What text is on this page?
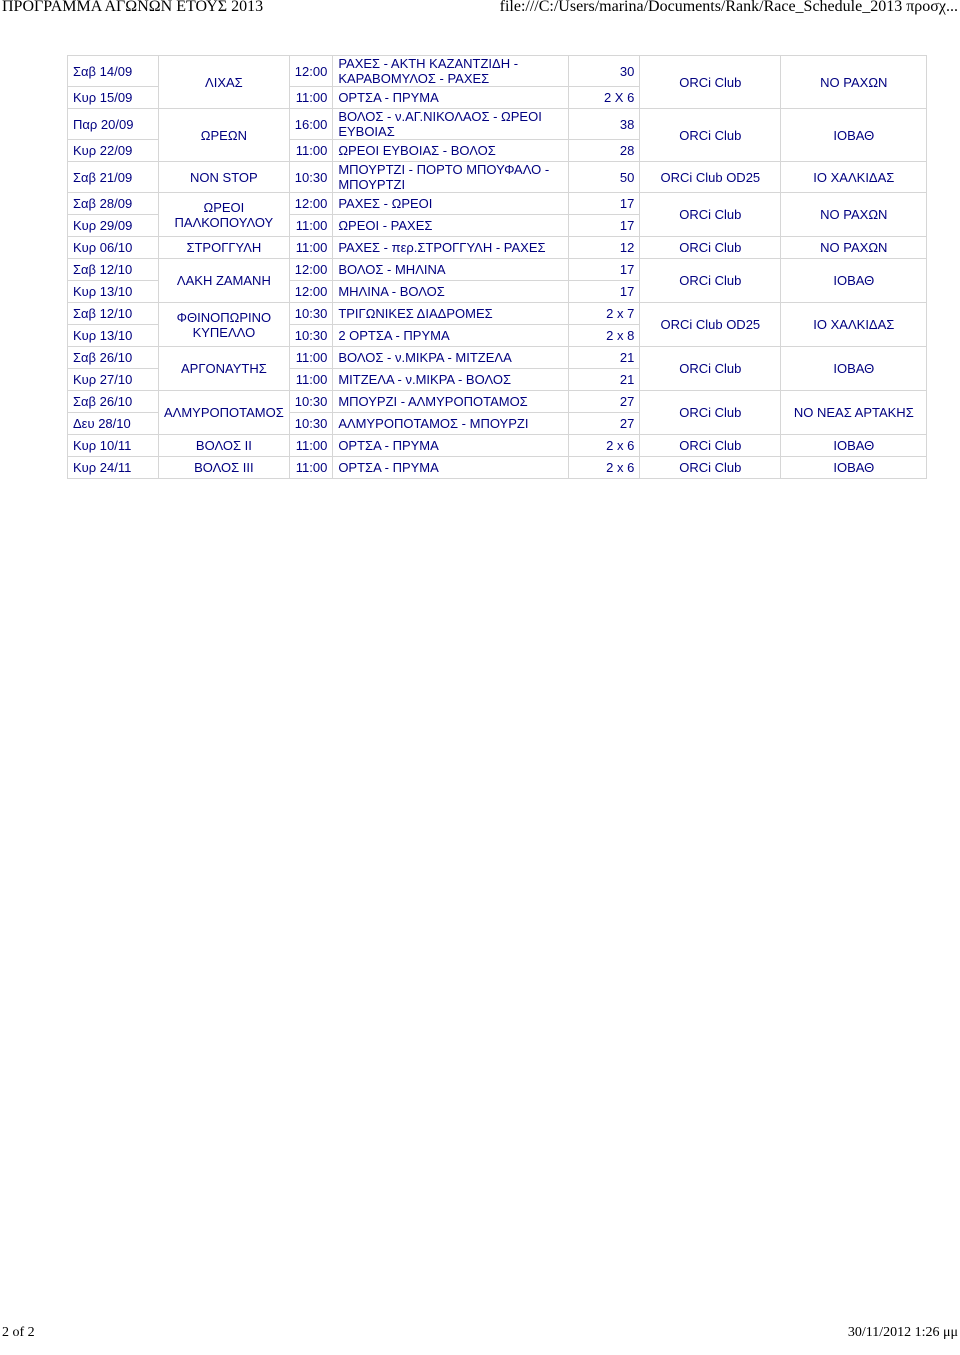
ΠΡΟΓΡΑΜΜΑ ΑΓΩΝΩΝ ΕΤΟΥΣ 2013	file:///C:/Users/marina/Documents/Rank/Race_Schedule_2013 προσχ...
Σαβ 14/09	ΛΙΧΑΣ	12:00	ΡΑΧΕΣ - ΑΚΤΗ ΚΑΖΑΝΤΖΙΔΗ - ΚΑΡΑΒΟΜΥΛΟΣ - ΡΑΧΕΣ	30	ORCi Club	ΝΟ ΡΑΧΩΝ
Κυρ 15/09		11:00	ΟΡΤΣΑ - ΠΡΥΜΑ	2 Χ 6		
Παρ 20/09	ΩΡΕΩΝ	16:00	ΒΟΛΟΣ - ν.ΑΓ.ΝΙΚΟΛΑΟΣ - ΩΡΕΟΙ ΕΥΒΟΙΑΣ	38	ORCi Club	ΙΟΒΑΘ
Κυρ 22/09		11:00	ΩΡΕΟΙ ΕΥΒΟΙΑΣ - ΒΟΛΟΣ	28		
Σαβ 21/09	NON STOP	10:30	ΜΠΟΥΡΤΖΙ - ΠΟΡΤΟ ΜΠΟΥΦΑΛΟ - ΜΠΟΥΡΤΖΙ	50	ORCi Club OD25	ΙΟ ΧΑΛΚΙΔΑΣ
Σαβ 28/09	ΩΡΕΟΙ ΠΑΛΚΟΠΟΥΛΟΥ	12:00	ΡΑΧΕΣ - ΩΡΕΟΙ	17	ORCi Club	ΝΟ ΡΑΧΩΝ
Κυρ 29/09		11:00	ΩΡΕΟΙ - ΡΑΧΕΣ	17		
Κυρ 06/10	ΣΤΡΟΓΓΥΛΗ	11:00	ΡΑΧΕΣ - περ.ΣΤΡΟΓΓΥΛΗ - ΡΑΧΕΣ	12	ORCi Club	ΝΟ ΡΑΧΩΝ
Σαβ 12/10	ΛΑΚΗ ΖΑΜΑΝΗ	12:00	ΒΟΛΟΣ - ΜΗΛΙΝΑ	17	ORCi Club	ΙΟΒΑΘ
Κυρ 13/10		12:00	ΜΗΛΙΝΑ - ΒΟΛΟΣ	17		
Σαβ 12/10	ΦΘΙΝΟΠΩΡΙΝΟ ΚΥΠΕΛΛΟ	10:30	ΤΡΙΓΩΝΙΚΕΣ ΔΙΑΔΡΟΜΕΣ	2 x 7	ORCi Club OD25	ΙΟ ΧΑΛΚΙΔΑΣ
Κυρ 13/10		10:30	2 ΟΡΤΣΑ - ΠΡΥΜΑ	2 x 8		
Σαβ 26/10	ΑΡΓΟΝΑΥΤΗΣ	11:00	ΒΟΛΟΣ - ν.ΜΙΚΡΑ - ΜΙΤΖΕΛΑ	21	ORCi Club	ΙΟΒΑΘ
Κυρ 27/10		11:00	ΜΙΤΖΕΛΑ - ν.ΜΙΚΡΑ - ΒΟΛΟΣ	21		
Σαβ 26/10	ΑΛΜΥΡΟΠΟΤΑΜΟΣ	10:30	ΜΠΟΥΡΖΙ - ΑΛΜΥΡΟΠΟΤΑΜΟΣ	27	ORCi Club	ΝΟ ΝΕΑΣ ΑΡΤΑΚΗΣ
Δευ 28/10		10:30	ΑΛΜΥΡΟΠΟΤΑΜΟΣ - ΜΠΟΥΡΖΙ	27		
Κυρ 10/11	ΒΟΛΟΣ II	11:00	ΟΡΤΣΑ - ΠΡΥΜΑ	2 x 6	ORCi Club	ΙΟΒΑΘ
Κυρ 24/11	ΒΟΛΟΣ III	11:00	ΟΡΤΣΑ - ΠΡΥΜΑ	2 x 6	ORCi Club	ΙΟΒΑΘ
2 of 2	30/11/2012 1:26 μμ
